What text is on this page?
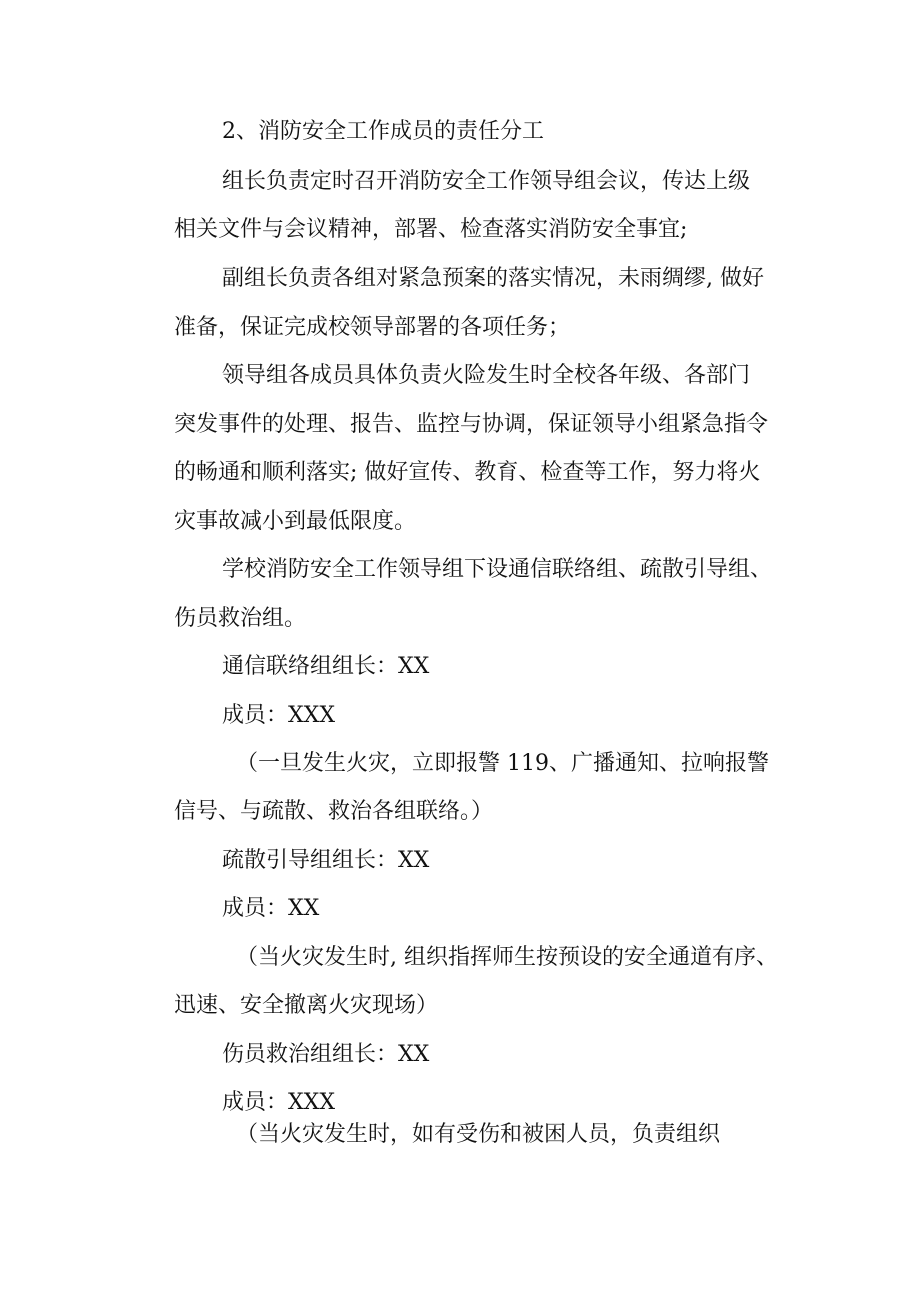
2、消防安全工作成员的责任分工

组长负责定时召开消防安全工作领导组会议，传达上级

相关文件与会议精神，部署、检查落实消防安全事宜;

副组长负责各组对紧急预案的落实情况，未雨绸缪, 做好

准备，保证完成校领导部署的各项任务；

领导组各成员具体负责火险发生时全校各年级、各部门

突发事件的处理、报告、监控与协调，保证领导小组紧急指令

的畅通和顺利落实; 做好宣传、教育、检查等工作，努力将火

灾事故减小到最低限度。

学校消防安全工作领导组下设通信联络组、疏散引导组、

伤员救治组。

通信联络组组长：XX

成员：XXX

（一旦发生火灾，立即报警 119、广播通知、拉响报警

信号、与疏散、救治各组联络。）

疏散引导组组长：XX

成员：XX

（当火灾发生时, 组织指挥师生按预设的安全通道有序、

迅速、安全撤离火灾现场）

伤员救治组组长：XX

成员：XXX

（当火灾发生时，如有受伤和被困人员，负责组织
